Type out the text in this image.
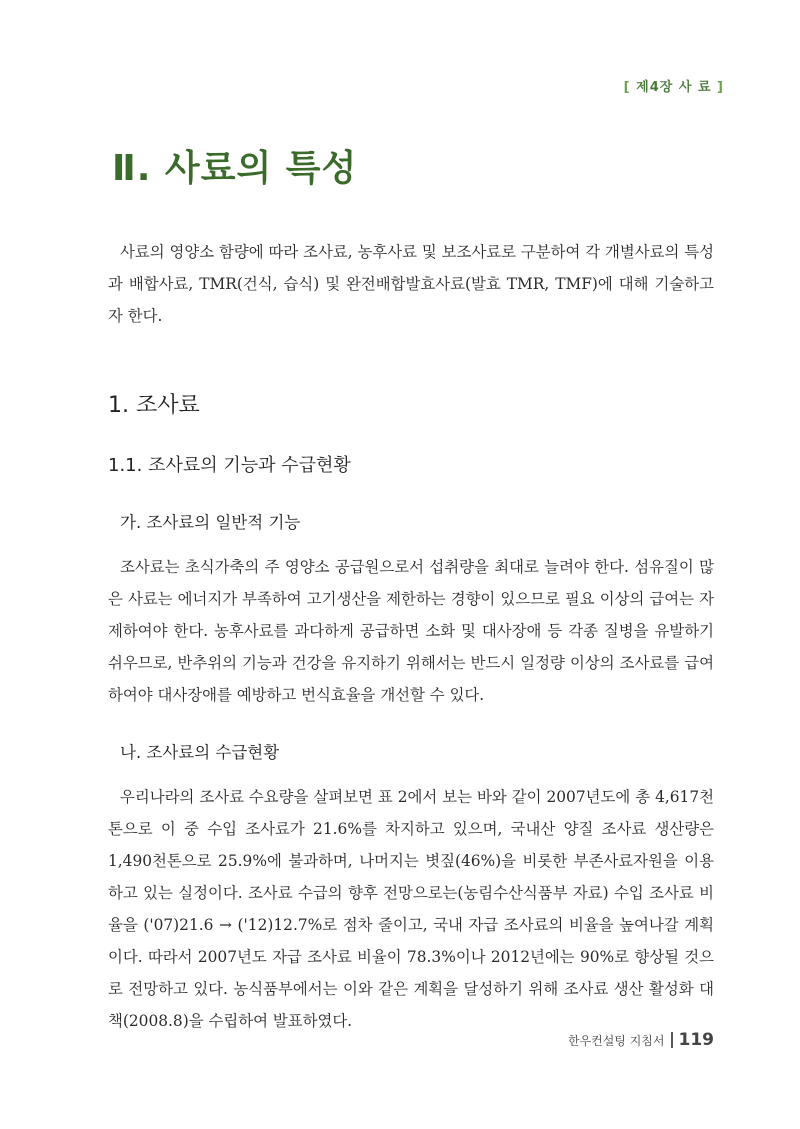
[ 제4장 사 료 ]
Ⅱ. 사료의 특성

사료의 영양소 함량에 따라 조사료, 농후사료 및 보조사료로 구분하여 각 개별사료의 특성과 배합사료, TMR(건식, 습식) 및 완전배합발효사료(발효 TMR, TMF)에 대해 기술하고자 한다.

1. 조사료
1.1. 조사료의 기능과 수급현황
가. 조사료의 일반적 기능

조사료는 초식가축의 주 영양소 공급원으로서 섭취량을 최대로 늘려야 한다. 섬유질이 많은 사료는 에너지가 부족하여 고기생산을 제한하는 경향이 있으므로 필요 이상의 급여는 자제하여야 한다. 농후사료를 과다하게 공급하면 소화 및 대사장애 등 각종 질병을 유발하기 쉬우므로, 반추위의 기능과 건강을 유지하기 위해서는 반드시 일정량 이상의 조사료를 급여하여야 대사장애를 예방하고 번식효율을 개선할 수 있다.

나. 조사료의 수급현황

우리나라의 조사료 수요량을 살펴보면 표 2에서 보는 바와 같이 2007년도에 총 4,617천톤으로 이 중 수입 조사료가 21.6%를 차지하고 있으며, 국내산 양질 조사료 생산량은 1,490천톤으로 25.9%에 불과하며, 나머지는 볏짚(46%)을 비롯한 부존사료자원을 이용하고 있는 실정이다. 조사료 수급의 향후 전망으로는(농림수산식품부 자료) 수입 조사료 비율을 ('07)21.6 → ('12)12.7%로 점차 줄이고, 국내 자급 조사료의 비율을 높여나갈 계획이다. 따라서 2007년도 자급 조사료 비율이 78.3%이나 2012년에는 90%로 향상될 것으로 전망하고 있다. 농식품부에서는 이와 같은 계획을 달성하기 위해 조사료 생산 활성화 대책(2008.8)을 수립하여 발표하였다.

한우컨설팅 지침서 119
